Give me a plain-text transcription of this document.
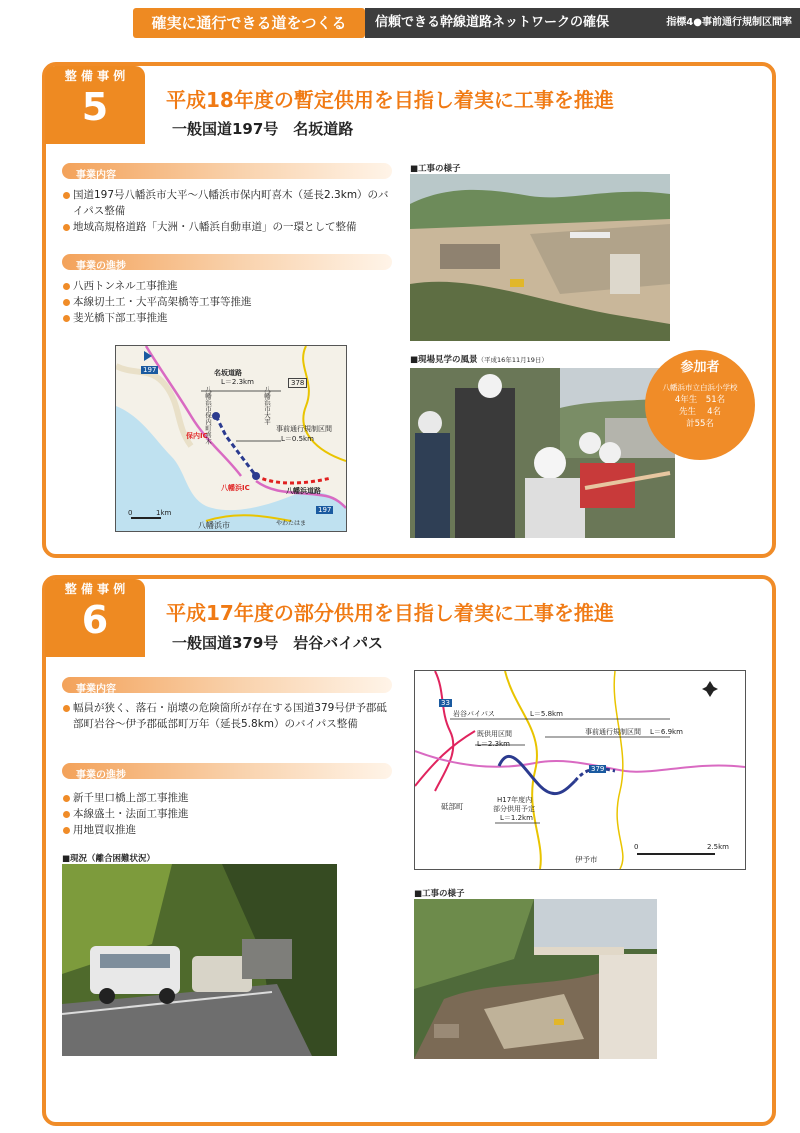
確実に通行できる道をつくる	信頼できる幹線道路ネットワークの確保	指標4●事前通行規制区間率
整 備 事 例
5	平成18年度の暫定供用を目指し着実に工事を推進
一般国道197号　名坂道路
事業内容
国道197号八幡浜市大平～八幡浜市保内町喜木（延長2.3km）のバイパス整備
地域高規格道路「大洲・八幡浜自動車道」の一環として整備
事業の進捗
八西トンネル工事推進
本線切土工・大平高架橋等工事等推進
斐光橋下部工事推進
名坂道路
L＝2.3km
事前通行規制区間
L＝0.5km
八幡浜道路
197
197
378
保内IC
八幡浜IC
八幡浜市保内町喜木	八幡浜市大平
八幡浜市	やわたはま
0	1km
■工事の様子
■現場見学の風景（平成16年11月19日）	参加者
八幡浜市立白浜小学校
4年生　51名
先生　 4名
計55名
整 備 事 例
6	平成17年度の部分供用を目指し着実に工事を推進
一般国道379号　岩谷バイパス
事業内容
幅員が狭く、落石・崩壊の危険箇所が存在する国道379号伊予郡砥部町岩谷～伊予郡砥部町万年（延長5.8km）のバイパス整備
事業の進捗
新千里口橋上部工事推進
本線盛土・法面工事推進
用地買収推進
■現況（離合困難状況）
岩谷バイパス	L＝5.8km
既供用区間
L＝2.3km
事前通行規制区間 L＝6.9km
H17年度内
部分供用予定
L＝1.2km
33
379
砥部町
伊予市
0	2.5km
■工事の様子
